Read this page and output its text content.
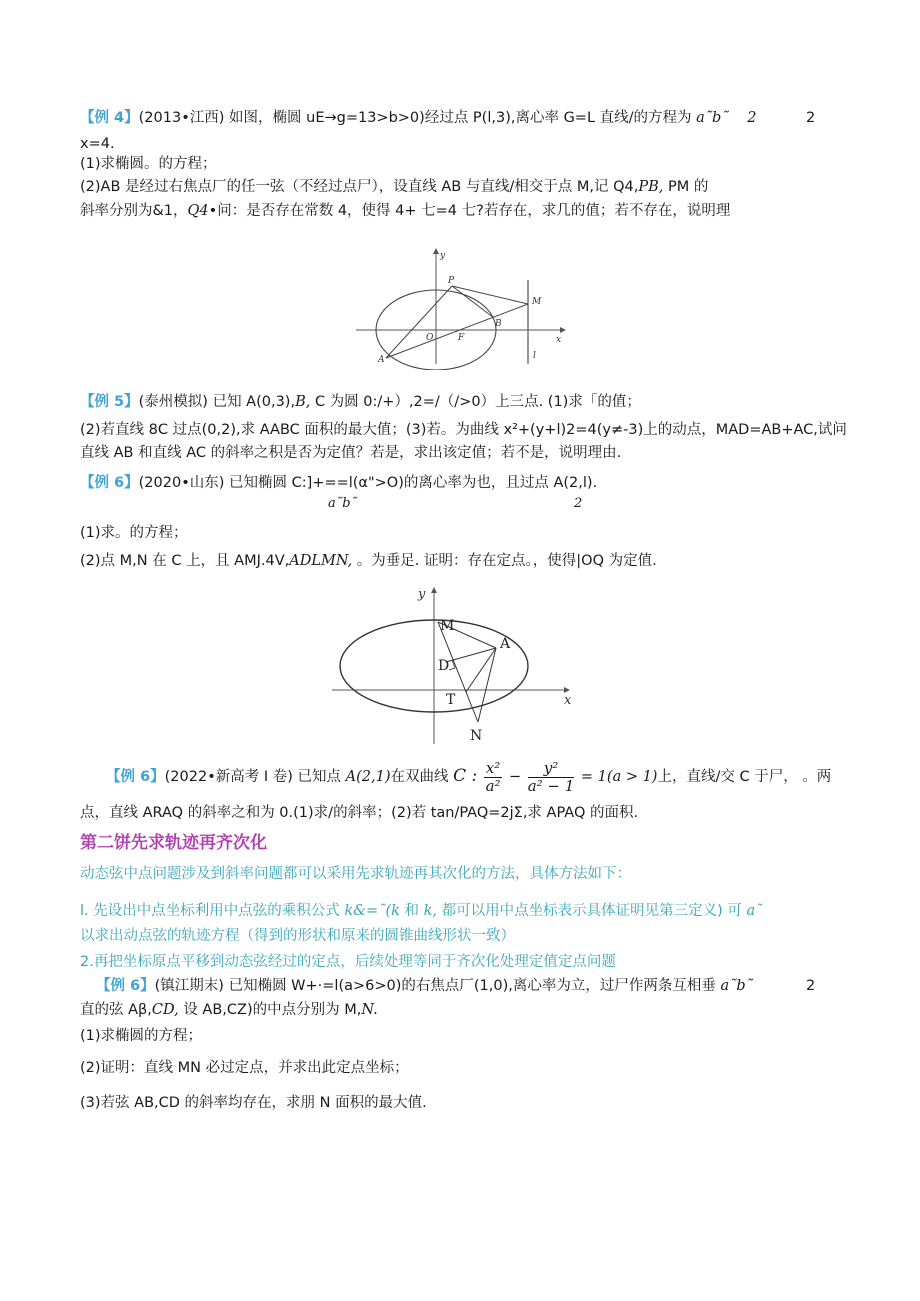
【例 4】(2013•江西) 如图，椭圆 uE→g=13>b>0)经过点 P(l,3),离心率 G=L 直线/的方程为 a˜b˜ 2	2
x=4.
(1)求椭圆。的方程；
(2)AB 是经过右焦点厂的任一弦（不经过点尸），设直线 AB 与直线/相交于点 M,记 Q4,PB, PM 的
斜率分别为&1，Q4•问：是否存在常数 4，使得 4+ 七=4 七?若存在，求几的值；若不存在，说明理
y
P
M
B
O	F
A
x
l
【例 5】(泰州模拟) 已知 A(0,3),B, C 为圆 0:/+）,2=/（/>0）上三点. (1)求「的值；
(2)若直线 8C 过点(0,2),求 AABC 面积的最大值；(3)若。为曲线 x²+(y+l)2=4(y≠-3)上的动点，MAD=AB+AC,试问
直线 AB 和直线 AC 的斜率之积是否为定值？若是，求出该定值；若不是，说明理由.
【例 6】(2020•山东) 已知椭圆 C:]+==l(α">O)的离心率为也，且过点 A(2,l).
a˜b˜	2
(1)求。的方程；
(2)点 M,N 在 C 上，且 AMJ.4V,ADLMN, 。为垂足. 证明：存在定点。，使得|OQ 为定值.
y
M
A
D
T
N
x
【例 6】(2022•新高考 I 卷) 已知点 A(2,1)在双曲线 C : $\frac{\text{x²}}{\text{a²}} - \frac{\text{y²}}{\text{a² − 1}} = 1(a > 1)$上，直线/交 C 于尸， 。两
点，直线 ARAQ 的斜率之和为 0.(1)求/的斜率；(2)若 tan∕PAQ=2jΣ,求 APAQ 的面积.
第二饼先求轨迹再齐次化
动态弦中点问题涉及到斜率问题都可以采用先求轨迹再其次化的方法，具体方法如下：
l. 先设出中点坐标利用中点弦的乘积公式 k&=˜(k 和 k, 都可以用中点坐标表示具体证明见第三定义) 可 a˜
以求出动点弦的轨迹方程（得到的形状和原来的圆锥曲线形状一致）
2.再把坐标原点平移到动态弦经过的定点，后续处理等同于齐次化处理定值定点问题
【例 6】(镇江期末) 已知椭圆 W+·=l(a>6>0)的右焦点厂(1,0),离心率为立，过尸作两条互相垂 a˜b˜	2
直的弦 Aβ,CD, 设 AB,CZ)的中点分别为 M,N.
(1)求椭圆的方程；
(2)证明：直线 MN 必过定点，并求出此定点坐标；
(3)若弦 AB,CD 的斜率均存在，求朋 N 面积的最大值.
